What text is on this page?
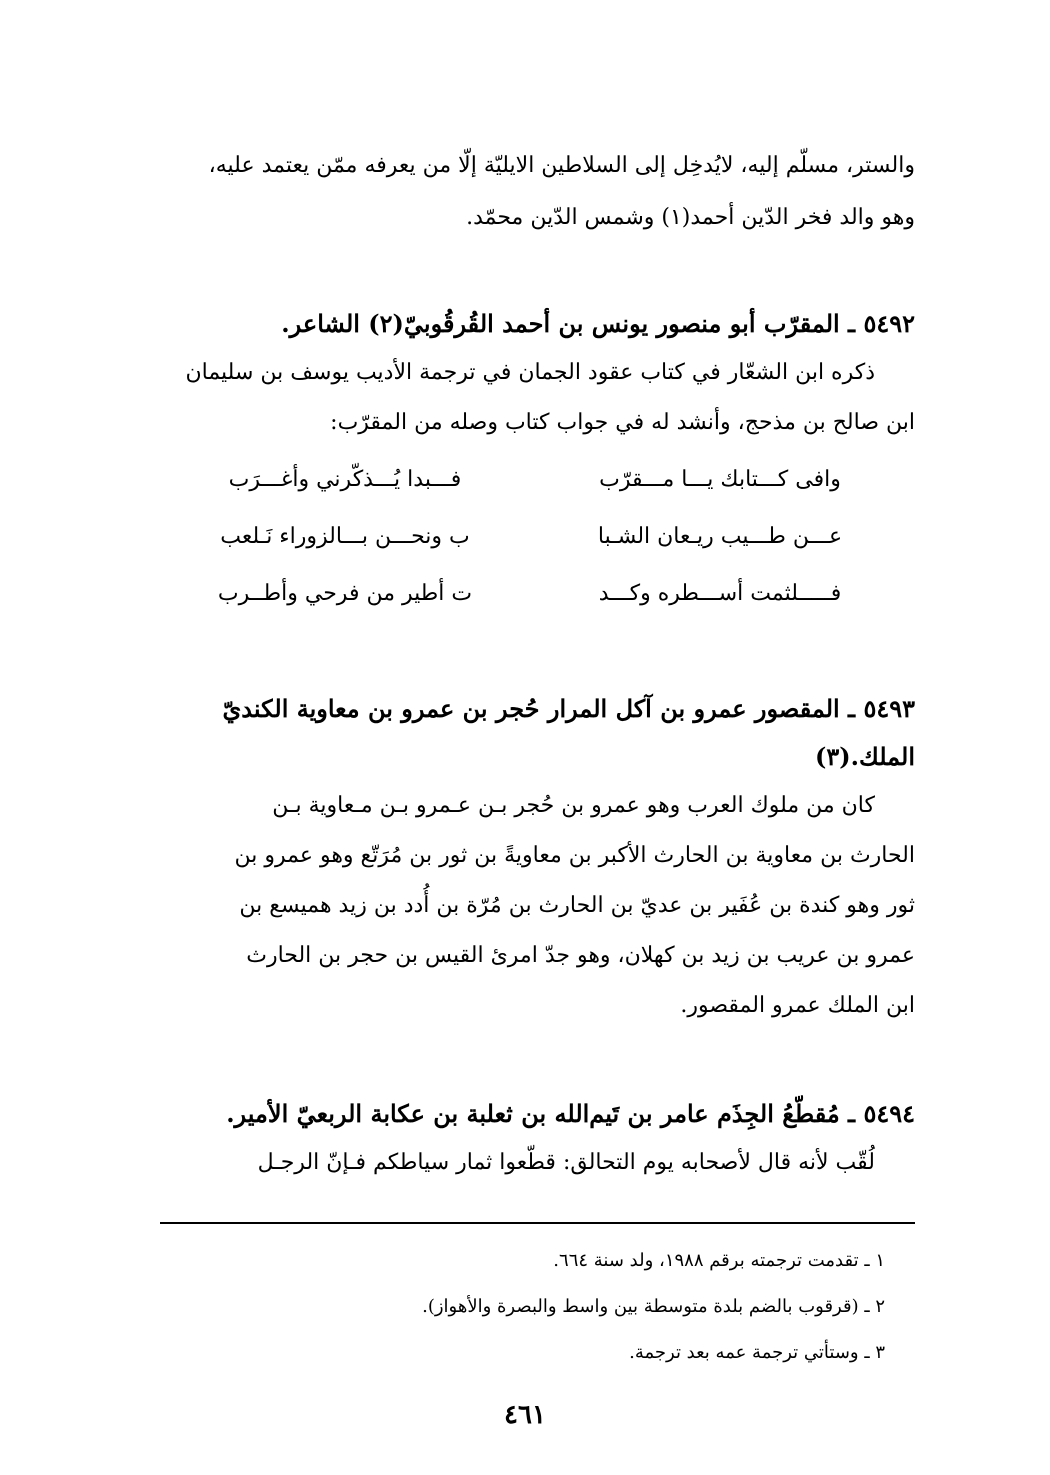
والستر، مسلّم إليه، لايُدخِل إلى السلاطين الايليّة إلّا من يعرفه ممّن يعتمد عليه،
وهو والد فخر الدّين أحمد(١) وشمس الدّين محمّد.
٥٤٩٢ ـ المقرّب أبو منصور يونس بن أحمد القُرقُوبيّ(٢) الشاعر.
ذكره ابن الشعّار في كتاب عقود الجمان في ترجمة الأديب يوسف بن سليمان
ابن صالح بن مذحج، وأنشد له في جواب كتاب وصله من المقرّب:
وافى كـــتابك يـــا مـــقرّب
فـــبدا يُـــذكّرني وأغـــرَب
عـــن طـــيب ريـعان الشـبا
ب ونحـــن بـــالزوراء نَـلعب
فـــــلثمت أســـطره وكـــد
ت أطير من فرحي وأطــرب
٥٤٩٣ ـ المقصور عمرو بن آكل المرار حُجر بن عمرو بن معاوية الكنديّ
الملك.(٣)
كان من ملوك العرب وهو عمرو بن حُجر بـن عـمرو بـن مـعاوية بـن
الحارث بن معاوية بن الحارث الأكبر بن معاويةً بن ثور بن مُرَتّع وهو عمرو بن
ثور وهو كندة بن عُفَير بن عديّ بن الحارث بن مُرّة بن أُدد بن زيد هميسع بن
عمرو بن عريب بن زيد بن كهلان، وهو جدّ امرئ القيس بن حجر بن الحارث
ابن الملك عمرو المقصور.
٥٤٩٤ ـ مُقطّعُ الجِذَم عامر بن تَيم‌الله بن ثعلبة بن عكابة الربعيّ الأمير.
لُقّب لأنه قال لأصحابه يوم التحالق: قطّعوا ثمار سياطكم فـإنّ الرجـل
١ ـ تقدمت ترجمته برقم ١٩٨٨، ولد سنة ٦٦٤.
٢ ـ (قرقوب بالضم بلدة متوسطة بين واسط والبصرة والأهواز).
٣ ـ وستأتي ترجمة عمه بعد ترجمة.
٤٦١
